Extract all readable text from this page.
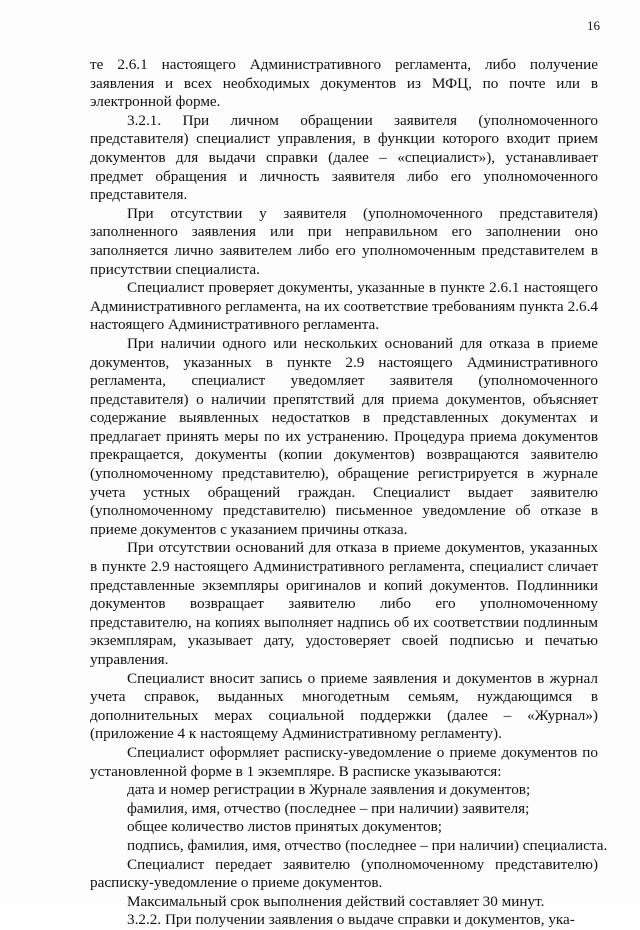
16

те 2.6.1 настоящего Административного регламента, либо получение заявления и всех необходимых документов из МФЦ, по почте или в электронной форме.

3.2.1. При личном обращении заявителя (уполномоченного представителя) специалист управления, в функции которого входит прием документов для выдачи справки (далее – «специалист»), устанавливает предмет обращения и личность заявителя либо его уполномоченного представителя.

При отсутствии у заявителя (уполномоченного представителя) заполненного заявления или при неправильном его заполнении оно заполняется лично заявителем либо его уполномоченным представителем в присутствии специалиста.

Специалист проверяет документы, указанные в пункте 2.6.1 настоящего Административного регламента, на их соответствие требованиям пункта 2.6.4 настоящего Административного регламента.

При наличии одного или нескольких оснований для отказа в приеме документов, указанных в пункте 2.9 настоящего Административного регламента, специалист уведомляет заявителя (уполномоченного представителя) о наличии препятствий для приема документов, объясняет содержание выявленных недостатков в представленных документах и предлагает принять меры по их устранению. Процедура приема документов прекращается, документы (копии документов) возвращаются заявителю (уполномоченному представителю), обращение регистрируется в журнале учета устных обращений граждан. Специалист выдает заявителю (уполномоченному представителю) письменное уведомление об отказе в приеме документов с указанием причины отказа.

При отсутствии оснований для отказа в приеме документов, указанных в пункте 2.9 настоящего Административного регламента, специалист сличает представленные экземпляры оригиналов и копий документов. Подлинники документов возвращает заявителю либо его уполномоченному представителю, на копиях выполняет надпись об их соответствии подлинным экземплярам, указывает дату, удостоверяет своей подписью и печатью управления.

Специалист вносит запись о приеме заявления и документов в журнал учета справок, выданных многодетным семьям, нуждающимся в дополнительных мерах социальной поддержки (далее – «Журнал») (приложение 4 к настоящему Административному регламенту).

Специалист оформляет расписку-уведомление о приеме документов по установленной форме в 1 экземпляре. В расписке указываются:

дата и номер регистрации в Журнале заявления и документов;

фамилия, имя, отчество (последнее – при наличии) заявителя;

общее количество листов принятых документов;

подпись, фамилия, имя, отчество (последнее – при наличии) специалиста.

Специалист передает заявителю (уполномоченному представителю) расписку-уведомление о приеме документов.

Максимальный срок выполнения действий составляет 30 минут.

3.2.2. При получении заявления о выдаче справки и документов, ука-
